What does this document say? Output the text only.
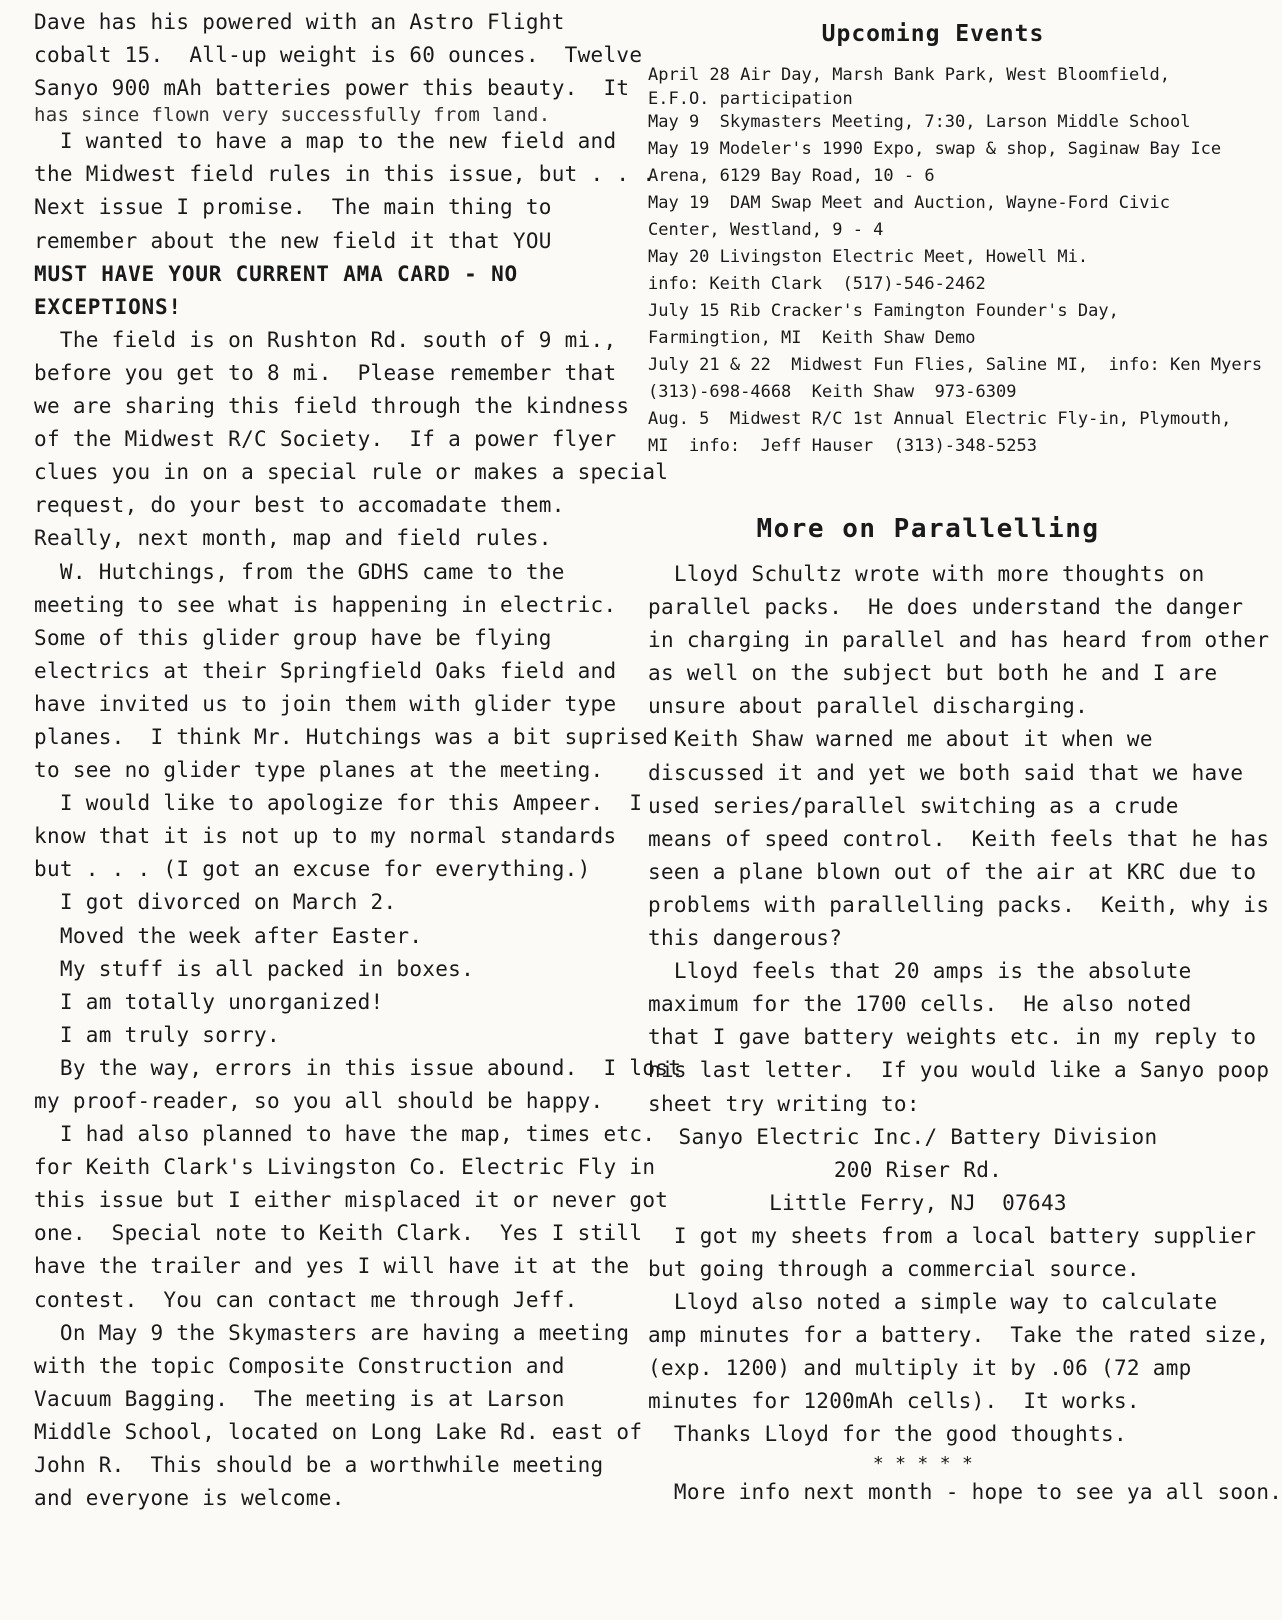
Dave has his powered with an Astro Flight
cobalt 15.  All-up weight is 60 ounces.  Twelve
Sanyo 900 mAh batteries power this beauty.  It
has since flown very successfully from land.
I wanted to have a map to the new field and
the Midwest field rules in this issue, but . . .
Next issue I promise.  The main thing to
remember about the new field it that YOU
MUST HAVE YOUR CURRENT AMA CARD - NO
EXCEPTIONS!
The field is on Rushton Rd. south of 9 mi.,
before you get to 8 mi.  Please remember that
we are sharing this field through the kindness
of the Midwest R/C Society.  If a power flyer
clues you in on a special rule or makes a special
request, do your best to accomadate them.
Really, next month, map and field rules.
W. Hutchings, from the GDHS came to the
meeting to see what is happening in electric.
Some of this glider group have be flying
electrics at their Springfield Oaks field and
have invited us to join them with glider type
planes.  I think Mr. Hutchings was a bit suprised
to see no glider type planes at the meeting.
I would like to apologize for this Ampeer.  I
know that it is not up to my normal standards
but . . . (I got an excuse for everything.)
I got divorced on March 2.
Moved the week after Easter.
My stuff is all packed in boxes.
I am totally unorganized!
I am truly sorry.
By the way, errors in this issue abound.  I lost
my proof-reader, so you all should be happy.
I had also planned to have the map, times etc.
for Keith Clark's Livingston Co. Electric Fly in
this issue but I either misplaced it or never got
one.  Special note to Keith Clark.  Yes I still
have the trailer and yes I will have it at the
contest.  You can contact me through Jeff.
On May 9 the Skymasters are having a meeting
with the topic Composite Construction and
Vacuum Bagging.  The meeting is at Larson
Middle School, located on Long Lake Rd. east of
John R.  This should be a worthwhile meeting
and everyone is welcome.
Upcoming Events
April 28 Air Day, Marsh Bank Park, West Bloomfield,
E.F.O. participation
May 9  Skymasters Meeting, 7:30, Larson Middle School
May 19 Modeler's 1990 Expo, swap & shop, Saginaw Bay Ice
Arena, 6129 Bay Road, 10 - 6
May 19  DAM Swap Meet and Auction, Wayne-Ford Civic
Center, Westland, 9 - 4
May 20 Livingston Electric Meet, Howell Mi.
info: Keith Clark  (517)-546-2462
July 15 Rib Cracker's Famington Founder's Day,
Farmingtion, MI  Keith Shaw Demo
July 21 & 22  Midwest Fun Flies, Saline MI,  info: Ken Myers
(313)-698-4668  Keith Shaw  973-6309
Aug. 5  Midwest R/C 1st Annual Electric Fly-in, Plymouth,
MI  info:  Jeff Hauser  (313)-348-5253
More on Parallelling
Lloyd Schultz wrote with more thoughts on
parallel packs.  He does understand the danger
in charging in parallel and has heard from other
as well on the subject but both he and I are
unsure about parallel discharging.
Keith Shaw warned me about it when we
discussed it and yet we both said that we have
used series/parallel switching as a crude
means of speed control.  Keith feels that he has
seen a plane blown out of the air at KRC due to
problems with parallelling packs.  Keith, why is
this dangerous?
Lloyd feels that 20 amps is the absolute
maximum for the 1700 cells.  He also noted
that I gave battery weights etc. in my reply to
his last letter.  If you would like a Sanyo poop
sheet try writing to:
Sanyo Electric Inc./ Battery Division
200 Riser Rd.
Little Ferry, NJ  07643
I got my sheets from a local battery supplier
but going through a commercial source.
Lloyd also noted a simple way to calculate
amp minutes for a battery.  Take the rated size,
(exp. 1200) and multiply it by .06 (72 amp
minutes for 1200mAh cells).  It works.
Thanks Lloyd for the good thoughts.
* * * * *
More info next month - hope to see ya all soon.
